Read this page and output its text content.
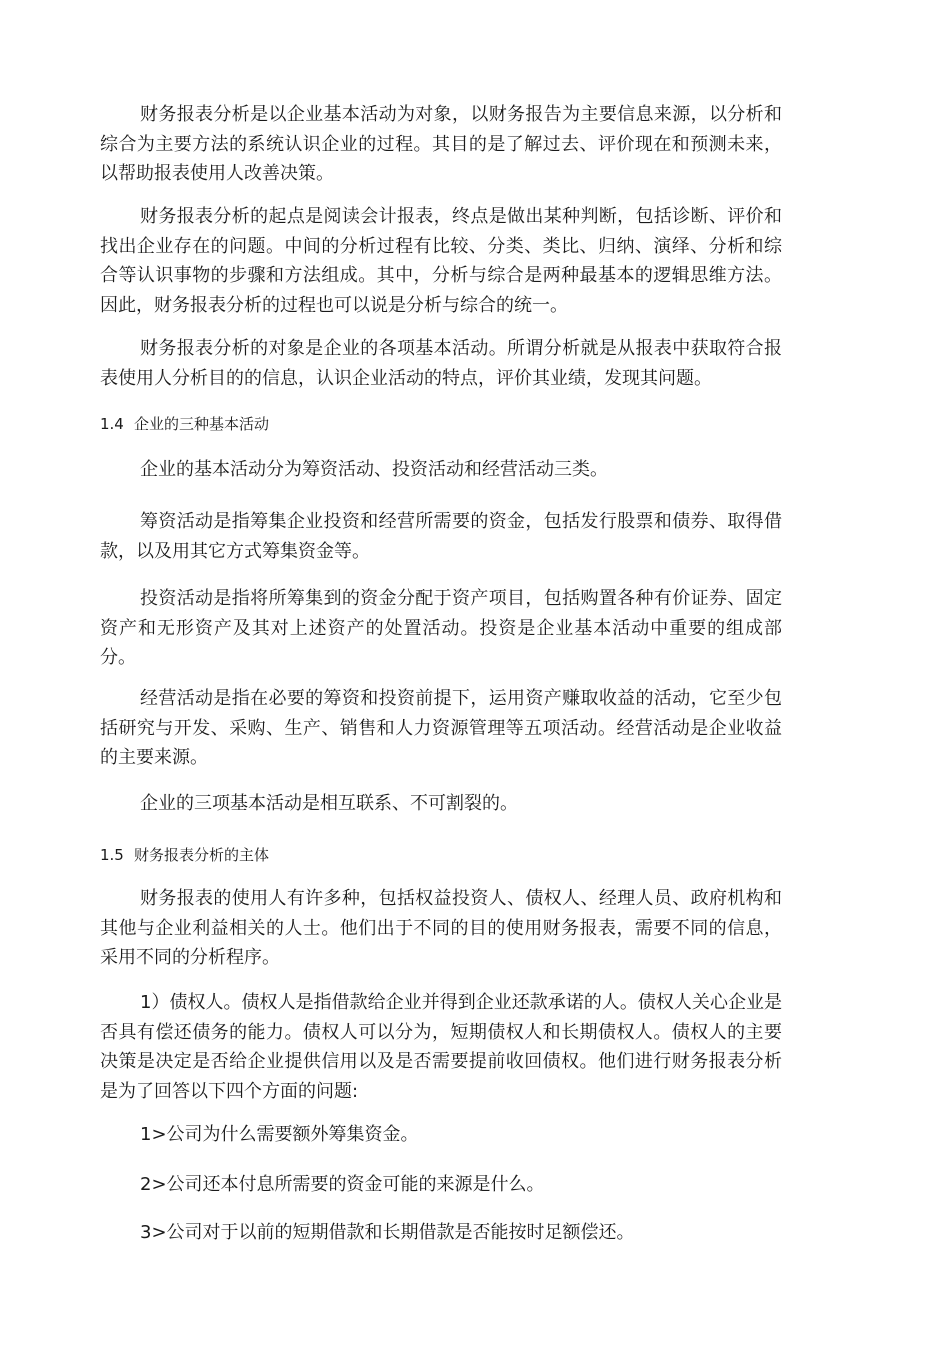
财务报表分析是以企业基本活动为对象，以财务报告为主要信息来源，以分析和综合为主要方法的系统认识企业的过程。其目的是了解过去、评价现在和预测未来，以帮助报表使用人改善决策。

财务报表分析的起点是阅读会计报表，终点是做出某种判断，包括诊断、评价和找出企业存在的问题。中间的分析过程有比较、分类、类比、归纳、演绎、分析和综合等认识事物的步骤和方法组成。其中，分析与综合是两种最基本的逻辑思维方法。因此，财务报表分析的过程也可以说是分析与综合的统一。

财务报表分析的对象是企业的各项基本活动。所谓分析就是从报表中获取符合报表使用人分析目的的信息，认识企业活动的特点，评价其业绩，发现其问题。

1.4 企业的三种基本活动

企业的基本活动分为筹资活动、投资活动和经营活动三类。

筹资活动是指筹集企业投资和经营所需要的资金，包括发行股票和债券、取得借款，以及用其它方式筹集资金等。

投资活动是指将所筹集到的资金分配于资产项目，包括购置各种有价证券、固定资产和无形资产及其对上述资产的处置活动。投资是企业基本活动中重要的组成部分。

经营活动是指在必要的筹资和投资前提下，运用资产赚取收益的活动，它至少包括研究与开发、采购、生产、销售和人力资源管理等五项活动。经营活动是企业收益的主要来源。

企业的三项基本活动是相互联系、不可割裂的。

1.5 财务报表分析的主体

财务报表的使用人有许多种，包括权益投资人、债权人、经理人员、政府机构和其他与企业利益相关的人士。他们出于不同的目的使用财务报表，需要不同的信息，采用不同的分析程序。

1）债权人。债权人是指借款给企业并得到企业还款承诺的人。债权人关心企业是否具有偿还债务的能力。债权人可以分为，短期债权人和长期债权人。债权人的主要决策是决定是否给企业提供信用以及是否需要提前收回债权。他们进行财务报表分析是为了回答以下四个方面的问题:

1>公司为什么需要额外筹集资金。

2>公司还本付息所需要的资金可能的来源是什么。

3>公司对于以前的短期借款和长期借款是否能按时足额偿还。
